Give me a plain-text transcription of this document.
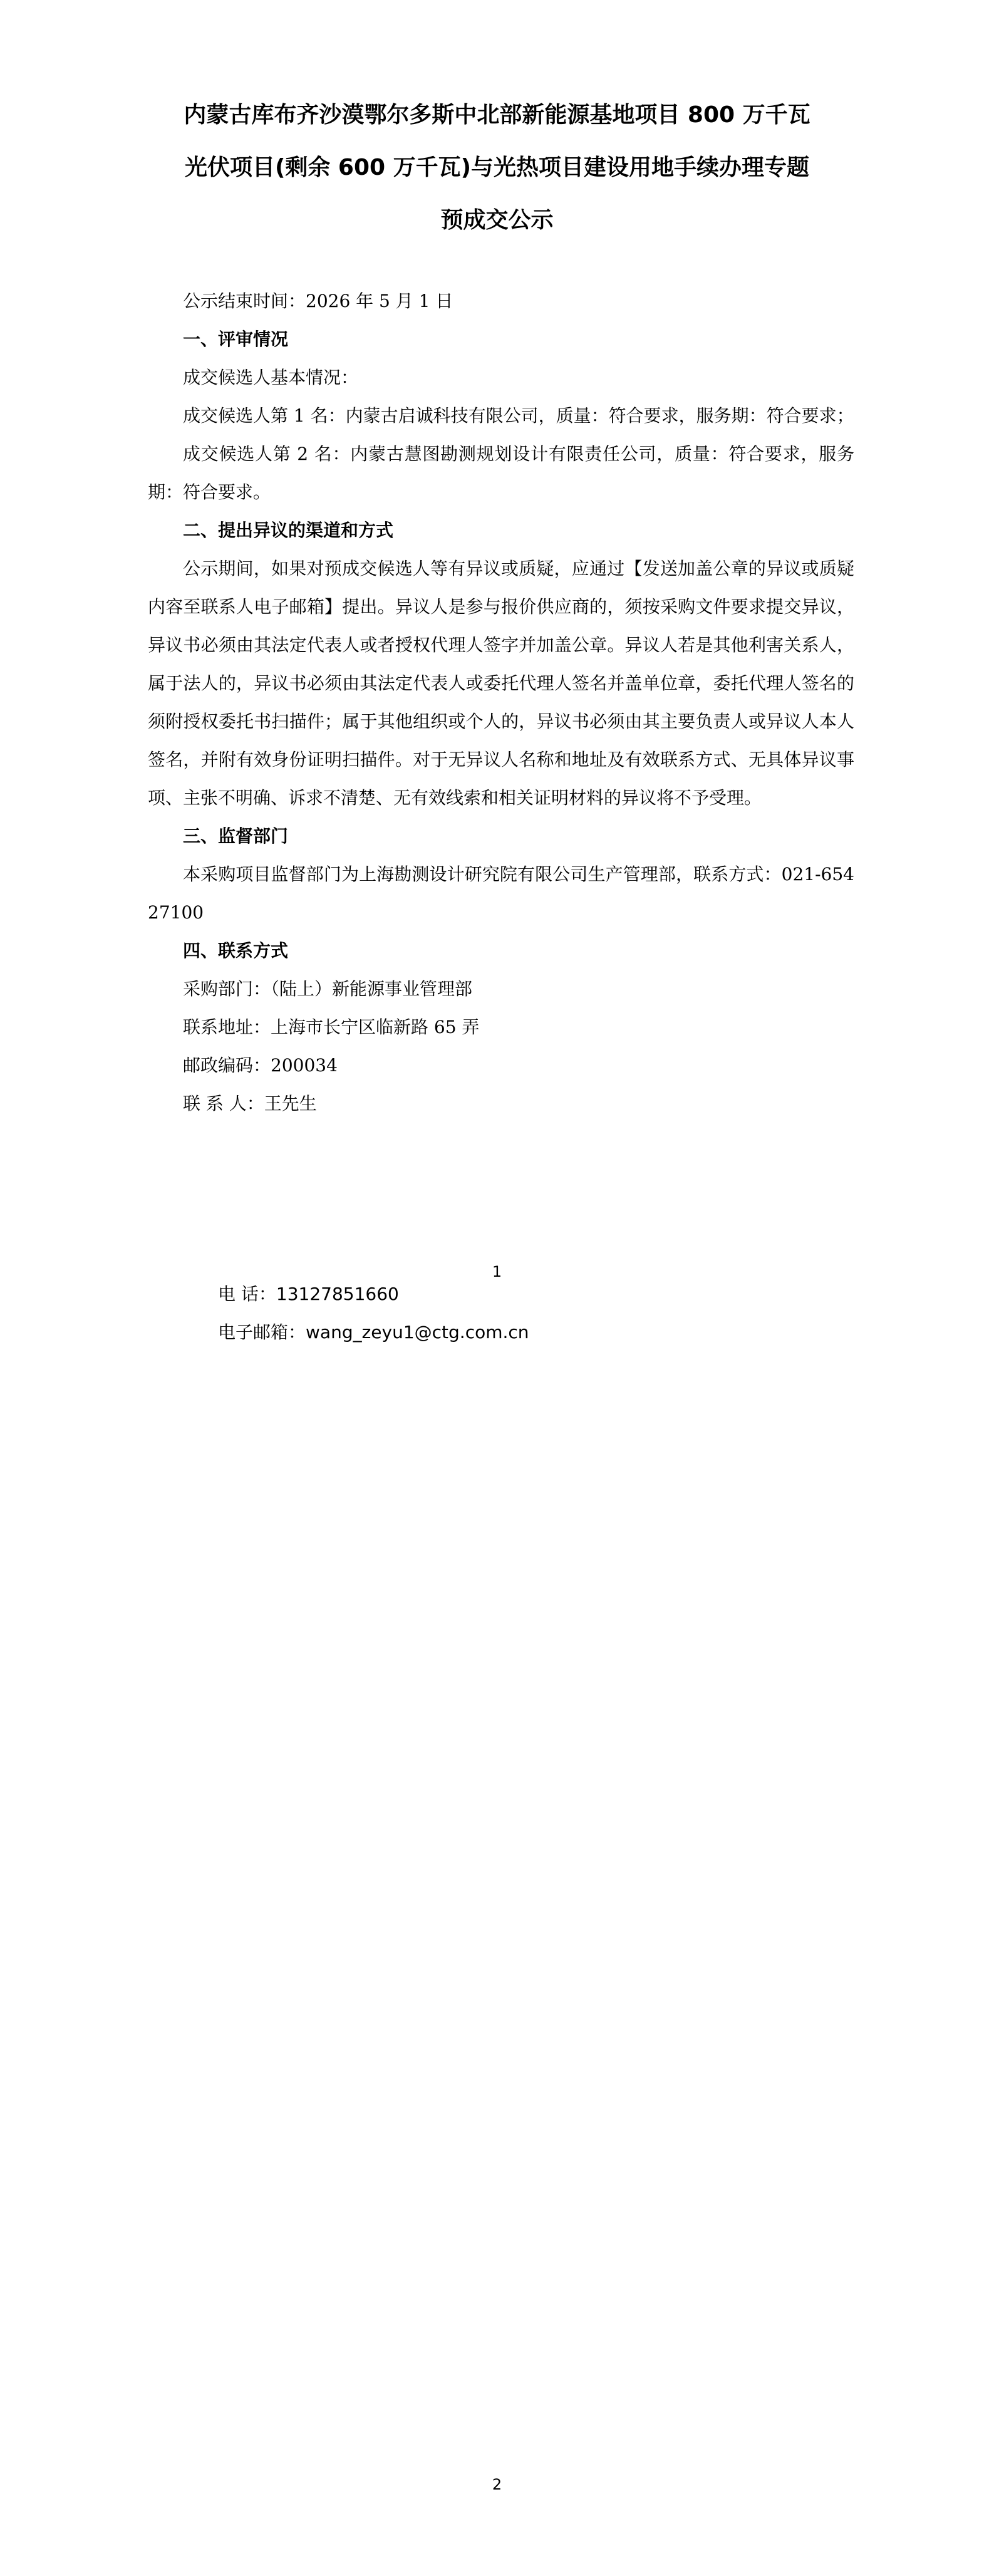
内蒙古库布齐沙漠鄂尔多斯中北部新能源基地项目 800 万千瓦
光伏项目(剩余 600 万千瓦)与光热项目建设用地手续办理专题
预成交公示

公示结束时间：2026 年 5 月 1 日

一、评审情况

成交候选人基本情况：

成交候选人第 1 名：内蒙古启诚科技有限公司，质量：符合要求，服务期：符合要求；

成交候选人第 2 名：内蒙古慧图勘测规划设计有限责任公司，质量：符合要求，服务期：符合要求。

二、提出异议的渠道和方式

公示期间，如果对预成交候选人等有异议或质疑，应通过【发送加盖公章的异议或质疑内容至联系人电子邮箱】提出。异议人是参与报价供应商的，须按采购文件要求提交异议，异议书必须由其法定代表人或者授权代理人签字并加盖公章。异议人若是其他利害关系人，属于法人的，异议书必须由其法定代表人或委托代理人签名并盖单位章，委托代理人签名的须附授权委托书扫描件；属于其他组织或个人的，异议书必须由其主要负责人或异议人本人签名，并附有效身份证明扫描件。对于无异议人名称和地址及有效联系方式、无具体异议事项、主张不明确、诉求不清楚、无有效线索和相关证明材料的异议将不予受理。

三、监督部门

本采购项目监督部门为上海勘测设计研究院有限公司生产管理部，联系方式：021-65427100

四、联系方式

采购部门：（陆上）新能源事业管理部

联系地址：上海市长宁区临新路 65 弄

邮政编码：200034

联 系 人：王先生

1

电 话：13127851660

电子邮箱：wang_zeyu1@ctg.com.cn

2
